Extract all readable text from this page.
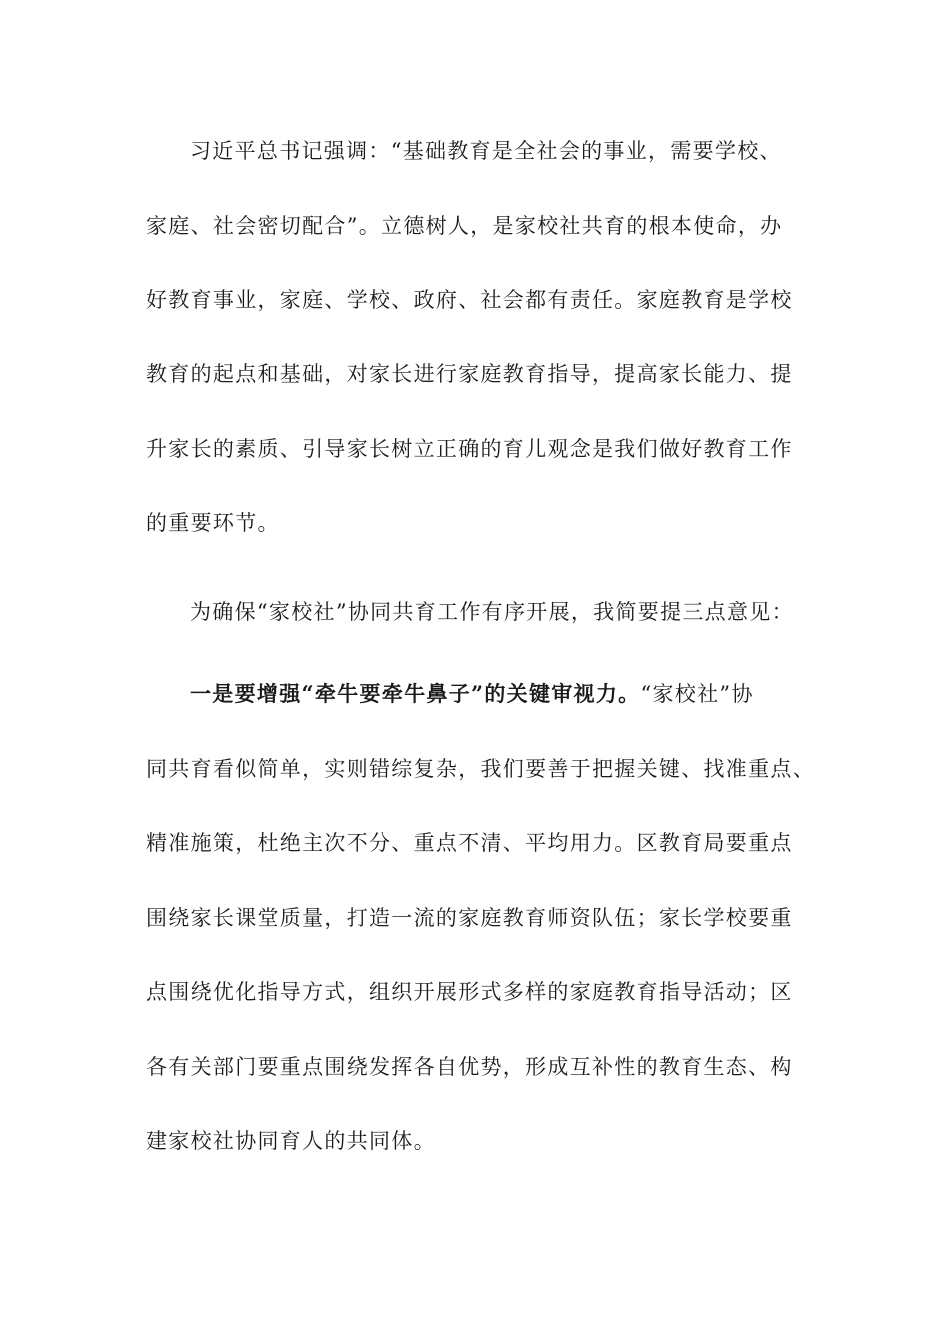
习近平总书记强调：“基础教育是全社会的事业，需要学校、
家庭、社会密切配合”。立德树人，是家校社共育的根本使命，办
好教育事业，家庭、学校、政府、社会都有责任。家庭教育是学校
教育的起点和基础，对家长进行家庭教育指导，提高家长能力、提
升家长的素质、引导家长树立正确的育儿观念是我们做好教育工作
的重要环节。
为确保“家校社”协同共育工作有序开展，我简要提三点意见：
一是要增强“牵牛要牵牛鼻子”的关键审视力。“家校社”协
同共育看似简单，实则错综复杂，我们要善于把握关键、找准重点、
精准施策，杜绝主次不分、重点不清、平均用力。区教育局要重点
围绕家长课堂质量，打造一流的家庭教育师资队伍；家长学校要重
点围绕优化指导方式，组织开展形式多样的家庭教育指导活动；区
各有关部门要重点围绕发挥各自优势，形成互补性的教育生态、构
建家校社协同育人的共同体。
